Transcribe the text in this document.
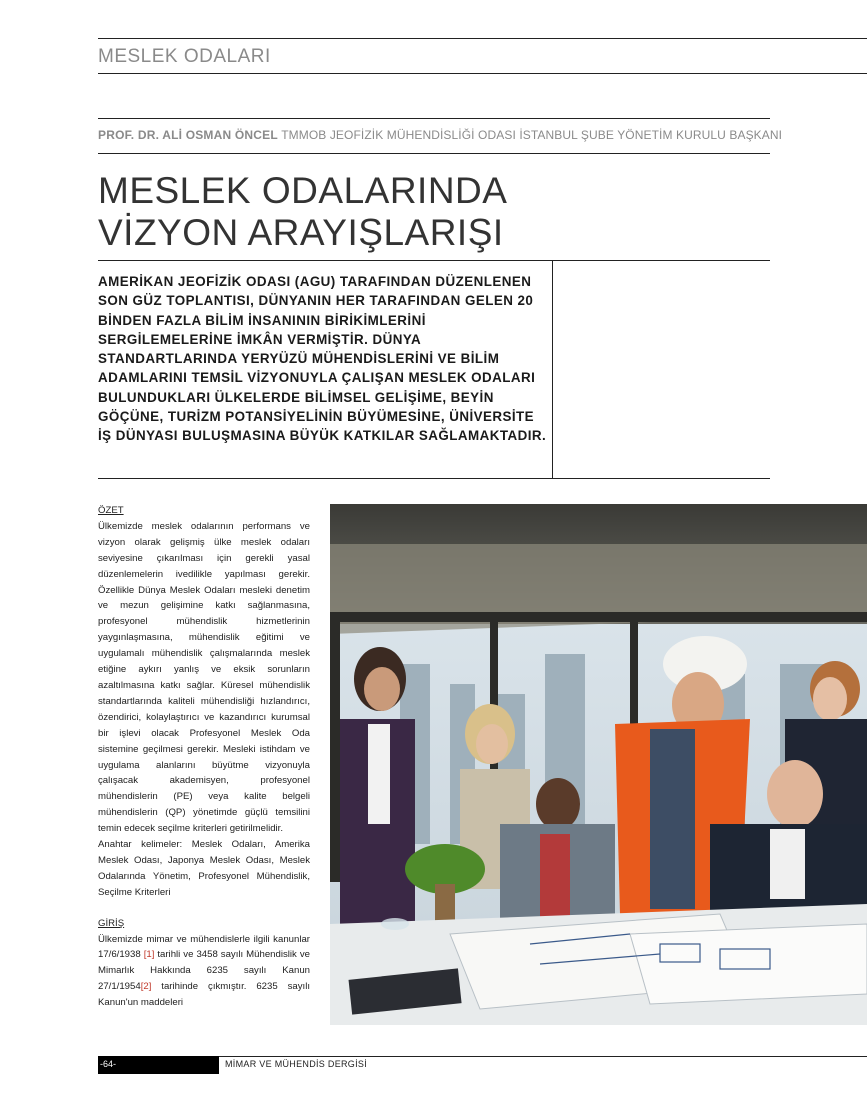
MESLEK ODALARI
PROF. DR. ALİ OSMAN ÖNCEL TMMOB JEOFİZİK MÜHENDİSLİĞİ ODASI İSTANBUL ŞUBE YÖNETİM KURULU BAŞKANI
MESLEK ODALARINDA
VİZYON ARAYIŞLARIŞI

AMERİKAN JEOFİZİK ODASI (AGU) TARAFINDAN DÜZENLENEN SON GÜZ TOPLANTISI, DÜNYANIN HER TARAFINDAN GELEN 20 BİNDEN FAZLA BİLİM İNSANININ BİRİKİMLERİNİ SERGİLEMELERİNE İMKÂN VERMİŞTİR. DÜNYA STANDARTLARINDA YERYÜZÜ MÜHENDİSLERİNİ VE BİLİM ADAMLARINI TEMSİL VİZYONUYLA ÇALIŞAN MESLEK ODALARI BULUNDUKLARI ÜLKELERDE BİLİMSEL GELİŞİME, BEYİN GÖÇÜNE, TURİZM POTANSİYELİNİN BÜYÜMESİNE, ÜNİVERSİTE İŞ DÜNYASI BULUŞMASINA BÜYÜK KATKILAR SAĞLAMAKTADIR.

ÖZET

Ülkemizde meslek odalarının performans ve vizyon olarak gelişmiş ülke meslek odaları seviyesine çıkarılması için gerekli yasal düzenlemelerin ivedilikle yapılması gerekir. Özellikle Dünya Meslek Odaları mesleki denetim ve mezun gelişimine katkı sağlanmasına, profesyonel mühendislik hizmetlerinin yaygınlaşmasına, mühendislik eğitimi ve uygulamalı mühendislik çalışmalarında meslek etiğine aykırı yanlış ve eksik sorunların azaltılmasına katkı sağlar. Küresel mühendislik standartlarında kaliteli mühendisliği hızlandırıcı, özendirici, kolaylaştırıcı ve kazandırıcı kurumsal bir işlevi olacak Profesyonel Meslek Oda sistemine geçilmesi gerekir. Mesleki istihdam ve uygulama alanlarını büyütme vizyonuyla çalışacak akademisyen, profesyonel mühendislerin (PE) veya kalite belgeli mühendislerin (QP) yönetimde güçlü temsilini temin edecek seçilme kriterleri getirilmelidir.

Anahtar kelimeler: Meslek Odaları, Amerika Meslek Odası, Japonya Meslek Odası, Meslek Odalarında Yönetim, Profesyonel Mühendislik, Seçilme Kriterleri

GİRİŞ

Ülkemizde mimar ve mühendislerle ilgili kanunlar 17/6/1938 [1] tarihli ve 3458 sayılı Mühendislik ve Mimarlık Hakkında 6235 sayılı Kanun 27/1/1954[2] tarihinde çıkmıştır. 6235 sayılı Kanun'un maddeleri

-64-	MİMAR VE MÜHENDİS DERGİSİ
